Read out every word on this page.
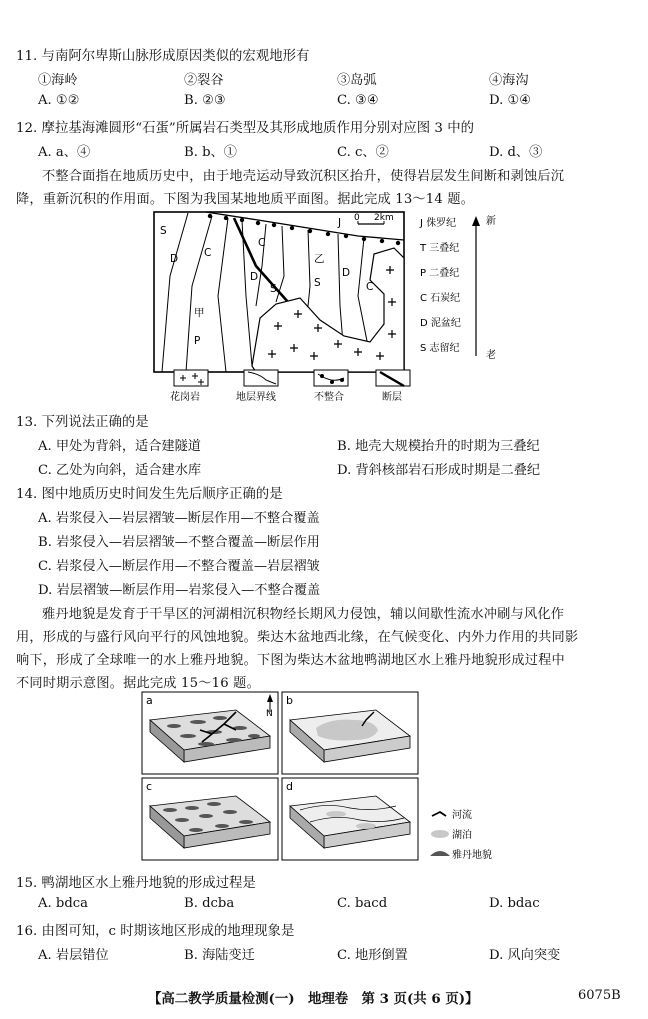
11. 与南阿尔卑斯山脉形成原因类似的宏观地形有
①海岭	②裂谷	③岛弧	④海沟
A. ①②	B. ②③	C. ③④	D. ①④
12. 摩拉基海滩圆形“石蛋”所属岩石类型及其形成地质作用分别对应图 3 中的
A. a、④	B. b、①	C. c、②	D. d、③
不整合面指在地质历史中，由于地壳运动导致沉积区抬升，使得岩层发生间断和剥蚀后沉
降，重新沉积的作用面。下图为我国某地地质平面图。据此完成 13～14 题。
S
D C
甲
P
C
D
S
乙
S
D
C
J 0 2km	J 侏罗纪
T 三叠纪
P 二叠纪
C 石炭纪
D 泥盆纪
S 志留纪
新
老
花岗岩	地层界线	不整合	断层
13. 下列说法正确的是
A. 甲处为背斜，适合建隧道	B. 地壳大规模抬升的时期为三叠纪
C. 乙处为向斜，适合建水库	D. 背斜核部岩石形成时期是二叠纪
14. 图中地质历史时间发生先后顺序正确的是
A. 岩浆侵入—岩层褶皱—断层作用—不整合覆盖
B. 岩浆侵入—岩层褶皱—不整合覆盖—断层作用
C. 岩浆侵入—断层作用—不整合覆盖—岩层褶皱
D. 岩层褶皱—断层作用—岩浆侵入—不整合覆盖
雅丹地貌是发育于干旱区的河湖相沉积物经长期风力侵蚀，辅以间歇性流水冲刷与风化作
用，形成的与盛行风向平行的风蚀地貌。柴达木盆地西北缘，在气候变化、内外力作用的共同影
响下，形成了全球唯一的水上雅丹地貌。下图为柴达木盆地鸭湖地区水上雅丹地貌形成过程中
不同时期示意图。据此完成 15～16 题。
a	b
c	d
N
河流
湖泊
雅丹地貌
15. 鸭湖地区水上雅丹地貌的形成过程是
A. bdca	B. dcba	C. bacd	D. bdac
16. 由图可知，c 时期该地区形成的地理现象是
A. 岩层错位	B. 海陆变迁	C. 地形倒置	D. 风向突变
【高二教学质量检测(一)　地理卷　第 3 页(共 6 页)】	6075B
